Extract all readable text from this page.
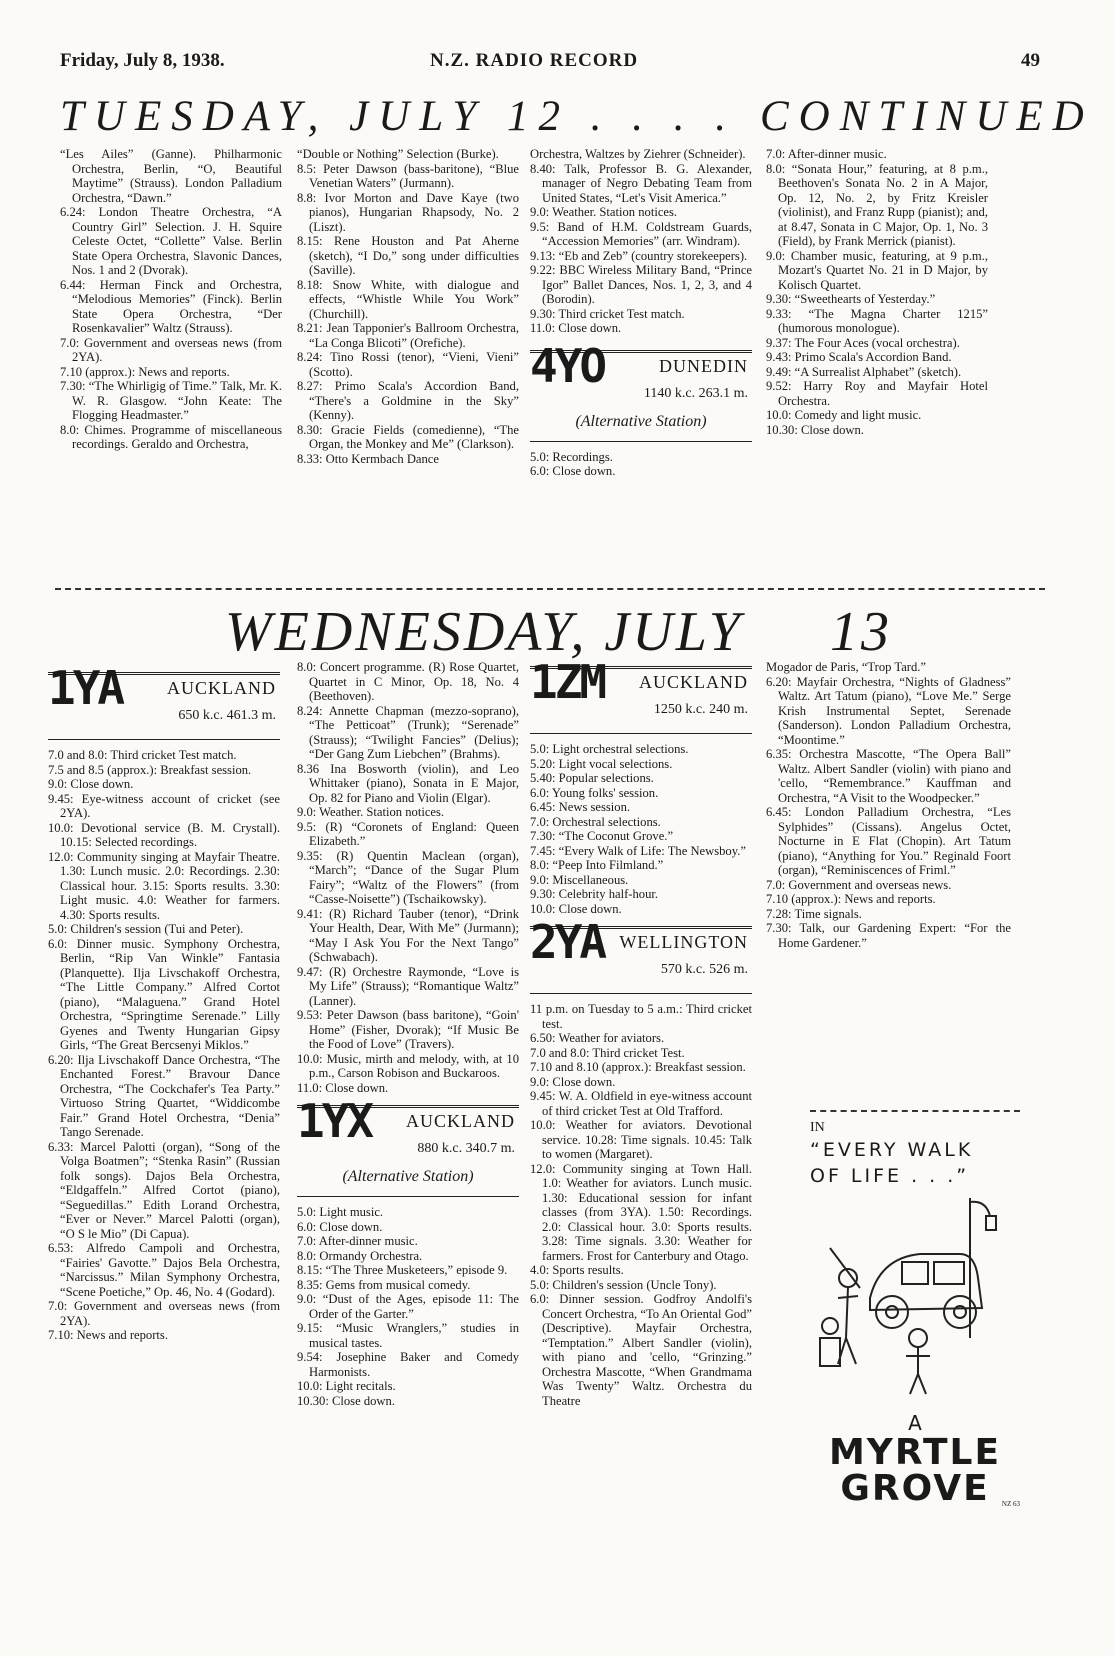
Friday, July 8, 1938.	N.Z. RADIO RECORD	49
TUESDAY, JULY 12 . . . . CONTINUED

“Les Ailes” (Ganne). Philharmonic Orchestra, Berlin, “O, Beautiful Maytime” (Strauss). London Palladium Orchestra, “Dawn.”

6.24: London Theatre Orchestra, “A Country Girl” Selection. J. H. Squire Celeste Octet, “Collette” Valse. Berlin State Opera Orchestra, Slavonic Dances, Nos. 1 and 2 (Dvorak).

6.44: Herman Finck and Orchestra, “Melodious Memories” (Finck). Berlin State Opera Orchestra, “Der Rosenkavalier” Waltz (Strauss).

7.0: Government and overseas news (from 2YA).

7.10 (approx.): News and reports.

7.30: “The Whirligig of Time.” Talk, Mr. K. W. R. Glasgow. “John Keate: The Flogging Headmaster.”

8.0: Chimes. Programme of miscellaneous recordings. Geraldo and Orchestra,

“Double or Nothing” Selection (Burke).

8.5: Peter Dawson (bass-baritone), “Blue Venetian Waters” (Jurmann).

8.8: Ivor Morton and Dave Kaye (two pianos), Hungarian Rhapsody, No. 2 (Liszt).

8.15: Rene Houston and Pat Aherne (sketch), “I Do,” song under difficulties (Saville).

8.18: Snow White, with dialogue and effects, “Whistle While You Work” (Churchill).

8.21: Jean Tapponier's Ballroom Orchestra, “La Conga Blicoti” (Orefiche).

8.24: Tino Rossi (tenor), “Vieni, Vieni” (Scotto).

8.27: Primo Scala's Accordion Band, “There's a Goldmine in the Sky” (Kenny).

8.30: Gracie Fields (comedienne), “The Organ, the Monkey and Me” (Clarkson).

8.33: Otto Kermbach Dance

Orchestra, Waltzes by Ziehrer (Schneider).

8.40: Talk, Professor B. G. Alexander, manager of Negro Debating Team from United States, “Let's Visit America.”

9.0: Weather. Station notices.

9.5: Band of H.M. Coldstream Guards, “Accession Memories” (arr. Windram).

9.13: “Eb and Zeb” (country storekeepers).

9.22: BBC Wireless Military Band, “Prince Igor” Ballet Dances, Nos. 1, 2, 3, and 4 (Borodin).

9.30: Third cricket Test match.

11.0: Close down.

4YO	DUNEDIN
1140 k.c. 263.1 m.
(Alternative Station)

5.0: Recordings.

6.0: Close down.

7.0: After-dinner music.

8.0: “Sonata Hour,” featuring, at 8 p.m., Beethoven's Sonata No. 2 in A Major, Op. 12, No. 2, by Fritz Kreisler (violinist), and Franz Rupp (pianist); and, at 8.47, Sonata in C Major, Op. 1, No. 3 (Field), by Frank Merrick (pianist).

9.0: Chamber music, featuring, at 9 p.m., Mozart's Quartet No. 21 in D Major, by Kolisch Quartet.

9.30: “Sweethearts of Yesterday.”

9.33: “The Magna Charter 1215” (humorous monologue).

9.37: The Four Aces (vocal orchestra).

9.43: Primo Scala's Accordion Band.

9.49: “A Surrealist Alphabet” (sketch).

9.52: Harry Roy and Mayfair Hotel Orchestra.

10.0: Comedy and light music.

10.30: Close down.

WEDNESDAY, JULY 13
1YA AUCKLAND
650 k.c. 461.3 m.

7.0 and 8.0: Third cricket Test match.

7.5 and 8.5 (approx.): Breakfast session.

9.0: Close down.

9.45: Eye-witness account of cricket (see 2YA).

10.0: Devotional service (B. M. Crystall). 10.15: Selected recordings.

12.0: Community singing at Mayfair Theatre. 1.30: Lunch music. 2.0: Recordings. 2.30: Classical hour. 3.15: Sports results. 3.30: Light music. 4.0: Weather for farmers. 4.30: Sports results.

5.0: Children's session (Tui and Peter).

6.0: Dinner music. Symphony Orchestra, Berlin, “Rip Van Winkle” Fantasia (Planquette). Ilja Livschakoff Orchestra, “The Little Company.” Alfred Cortot (piano), “Malaguena.” Grand Hotel Orchestra, “Springtime Serenade.” Lilly Gyenes and Twenty Hungarian Gipsy Girls, “The Great Bercsenyi Miklos.”

6.20: Ilja Livschakoff Dance Orchestra, “The Enchanted Forest.” Bravour Dance Orchestra, “The Cockchafer's Tea Party.” Virtuoso String Quartet, “Widdicombe Fair.” Grand Hotel Orchestra, “Denia” Tango Serenade.

6.33: Marcel Palotti (organ), “Song of the Volga Boatmen”; “Stenka Rasin” (Russian folk songs). Dajos Bela Orchestra, “Eldgaffeln.” Alfred Cortot (piano), “Seguedillas.” Edith Lorand Orchestra, “Ever or Never.” Marcel Palotti (organ), “O S le Mio” (Di Capua).

6.53: Alfredo Campoli and Orchestra, “Fairies' Gavotte.” Dajos Bela Orchestra, “Narcissus.” Milan Symphony Orchestra, “Scene Poetiche,” Op. 46, No. 4 (Godard).

7.0: Government and overseas news (from 2YA).

7.10: News and reports.

8.0: Concert programme. (R) Rose Quartet, Quartet in C Minor, Op. 18, No. 4 (Beethoven).

8.24: Annette Chapman (mezzo-soprano), “The Petticoat” (Trunk); “Serenade” (Strauss); “Twilight Fancies” (Delius); “Der Gang Zum Liebchen” (Brahms).

8.36 Ina Bosworth (violin), and Leo Whittaker (piano), Sonata in E Major, Op. 82 for Piano and Violin (Elgar).

9.0: Weather. Station notices.

9.5: (R) “Coronets of England: Queen Elizabeth.”

9.35: (R) Quentin Maclean (organ), “March”; “Dance of the Sugar Plum Fairy”; “Waltz of the Flowers” (from “Casse-Noisette”) (Tschaikowsky).

9.41: (R) Richard Tauber (tenor), “Drink Your Health, Dear, With Me” (Jurmann); “May I Ask You For the Next Tango” (Schwabach).

9.47: (R) Orchestre Raymonde, “Love is My Life” (Strauss); “Romantique Waltz” (Lanner).

9.53: Peter Dawson (bass baritone), “Goin' Home” (Fisher, Dvorak); “If Music Be the Food of Love” (Travers).

10.0: Music, mirth and melody, with, at 10 p.m., Carson Robison and Buckaroos.

11.0: Close down.

1YX AUCKLAND
880 k.c. 340.7 m.
(Alternative Station)

5.0: Light music.

6.0: Close down.

7.0: After-dinner music.

8.0: Ormandy Orchestra.

8.15: “The Three Musketeers,” episode 9.

8.35: Gems from musical comedy.

9.0: “Dust of the Ages, episode 11: The Order of the Garter.”

9.15: “Music Wranglers,” studies in musical tastes.

9.54: Josephine Baker and Comedy Harmonists.

10.0: Light recitals.

10.30: Close down.

1ZM AUCKLAND
1250 k.c. 240 m.

5.0: Light orchestral selections.

5.20: Light vocal selections.

5.40: Popular selections.

6.0: Young folks' session.

6.45: News session.

7.0: Orchestral selections.

7.30: “The Coconut Grove.”

7.45: “Every Walk of Life: The Newsboy.”

8.0: “Peep Into Filmland.”

9.0: Miscellaneous.

9.30: Celebrity half-hour.

10.0: Close down.

2YA WELLINGTON
570 k.c. 526 m.

11 p.m. on Tuesday to 5 a.m.: Third cricket test.

6.50: Weather for aviators.

7.0 and 8.0: Third cricket Test.

7.10 and 8.10 (approx.): Breakfast session.

9.0: Close down.

9.45: W. A. Oldfield in eye-witness account of third cricket Test at Old Trafford.

10.0: Weather for aviators. Devotional service. 10.28: Time signals. 10.45: Talk to women (Margaret).

12.0: Community singing at Town Hall. 1.0: Weather for aviators. Lunch music. 1.30: Educational session for infant classes (from 3YA). 1.50: Recordings. 2.0: Classical hour. 3.0: Sports results. 3.28: Time signals. 3.30: Weather for farmers. Frost for Canterbury and Otago.

4.0: Sports results.

5.0: Children's session (Uncle Tony).

6.0: Dinner session. Godfroy Andolfi's Concert Orchestra, “To An Oriental God” (Descriptive). Mayfair Orchestra, “Temptation.” Albert Sandler (violin), with piano and 'cello, “Grinzing.” Orchestra Mascotte, “When Grandmama Was Twenty” Waltz. Orchestra du Theatre

Mogador de Paris, “Trop Tard.”

6.20: Mayfair Orchestra, “Nights of Gladness” Waltz. Art Tatum (piano), “Love Me.” Serge Krish Instrumental Septet, Serenade (Sanderson). London Palladium Orchestra, “Moontime.”

6.35: Orchestra Mascotte, “The Opera Ball” Waltz. Albert Sandler (violin) with piano and 'cello, “Remembrance.” Kauffman and Orchestra, “A Visit to the Woodpecker.”

6.45: London Palladium Orchestra, “Les Sylphides” (Cissans). Angelus Octet, Nocturne in E Flat (Chopin). Art Tatum (piano), “Anything for You.” Reginald Foort (organ), “Reminiscences of Friml.”

7.0: Government and overseas news.

7.10 (approx.): News and reports.

7.28: Time signals.

7.30: Talk, our Gardening Expert: “For the Home Gardener.”

IN
“EVERY WALK
OF LIFE . . .”
A
MYRTLE
GROVE	NZ 63
